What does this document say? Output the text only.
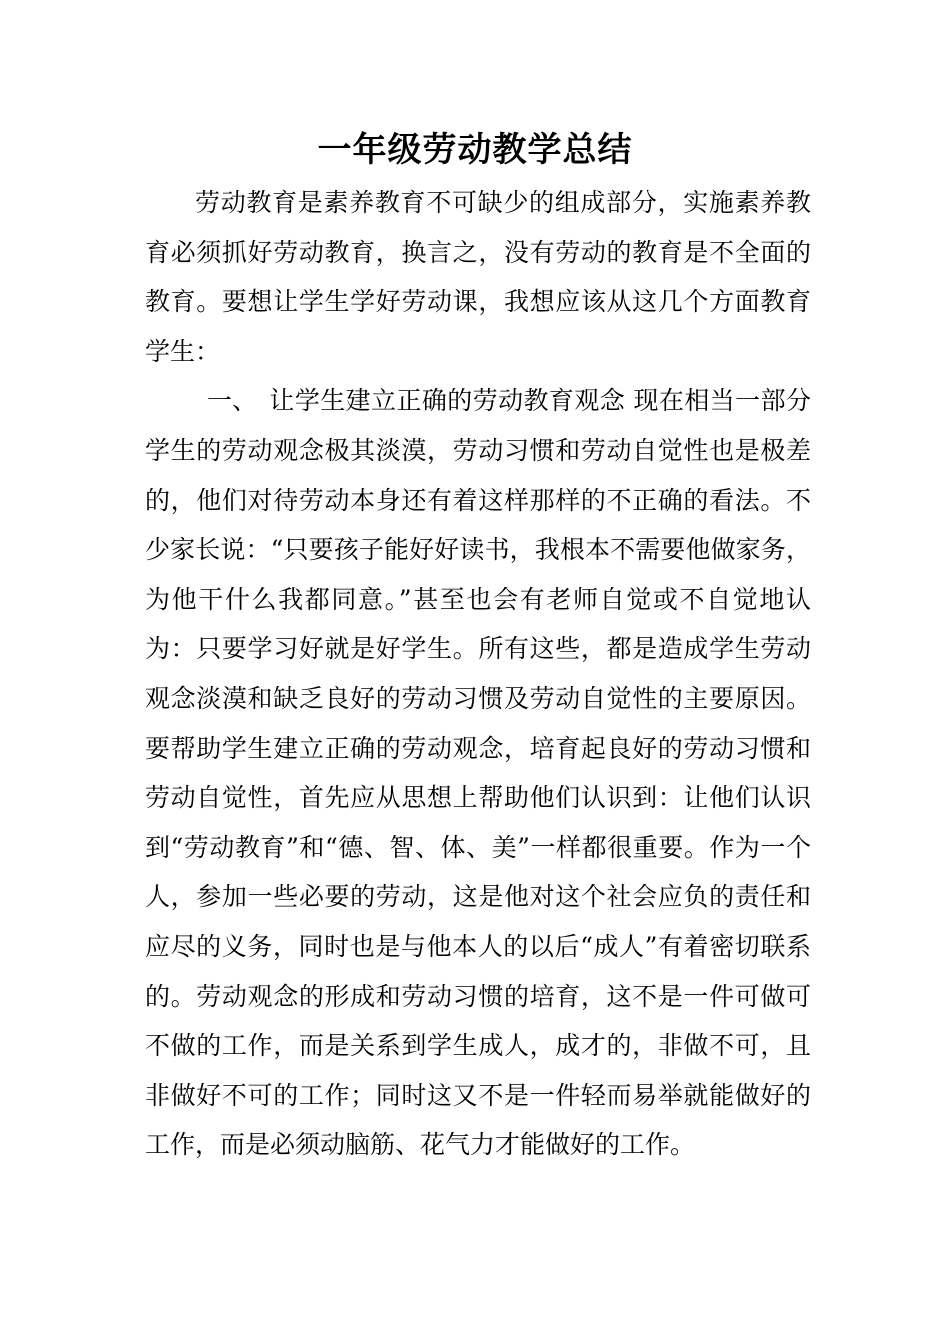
一年级劳动教学总结

劳动教育是素养教育不可缺少的组成部分，实施素养教育必须抓好劳动教育，换言之，没有劳动的教育是不全面的教育。要想让学生学好劳动课，我想应该从这几个方面教育学生：

一、 让学生建立正确的劳动教育观念 现在相当一部分学生的劳动观念极其淡漠，劳动习惯和劳动自觉性也是极差的，他们对待劳动本身还有着这样那样的不正确的看法。不少家长说：“只要孩子能好好读书，我根本不需要他做家务，为他干什么我都同意。”甚至也会有老师自觉或不自觉地认为：只要学习好就是好学生。所有这些，都是造成学生劳动观念淡漠和缺乏良好的劳动习惯及劳动自觉性的主要原因。 要帮助学生建立正确的劳动观念，培育起良好的劳动习惯和劳动自觉性，首先应从思想上帮助他们认识到：让他们认识到“劳动教育”和“德、智、体、美”一样都很重要。作为一个人，参加一些必要的劳动，这是他对这个社会应负的责任和应尽的义务，同时也是与他本人的以后“成人”有着密切联系的。劳动观念的形成和劳动习惯的培育，这不是一件可做可不做的工作，而是关系到学生成人，成才的，非做不可，且非做好不可的工作；同时这又不是一件轻而易举就能做好的工作，而是必须动脑筋、花气力才能做好的工作。
